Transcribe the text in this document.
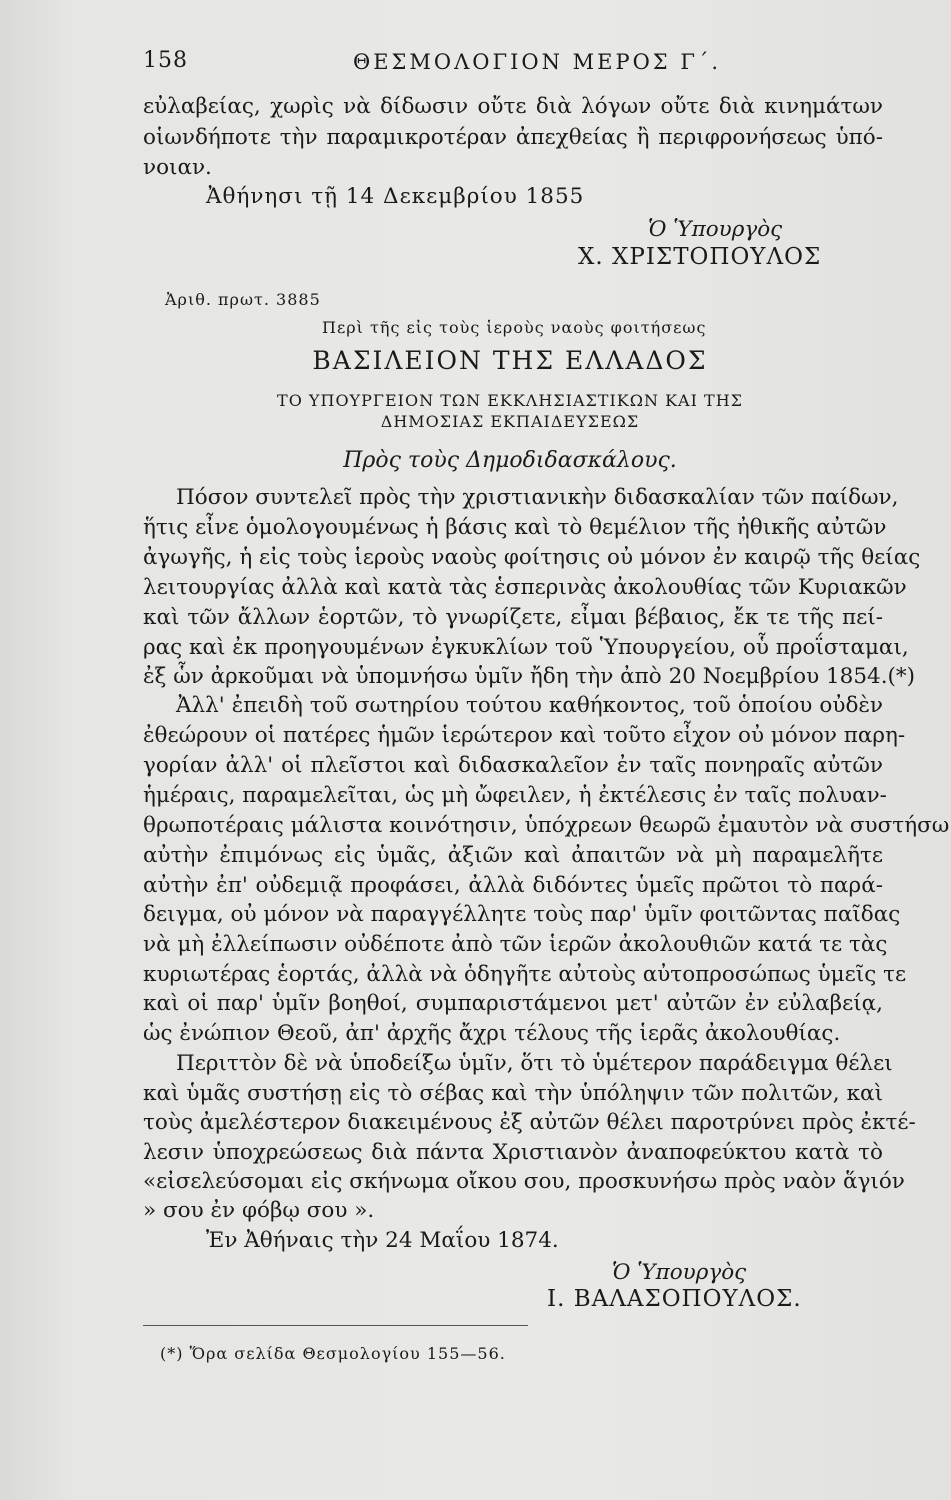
158	ΘΕΣΜΟΛΟΓΙΟΝ ΜΕΡΟΣ Γ΄.
εὐλαβείας, χωρὶς νὰ δίδωσιν οὔτε διὰ λόγων οὔτε διὰ κινημάτων
οἱωνδήποτε τὴν παραμικροτέραν ἀπεχθείας ἢ περιφρονήσεως ὑπό-
νοιαν.
Ἀθήνησι τῇ 14 Δεκεμβρίου 1855
Ὁ Ὑπουργὸς
Χ. ΧΡΙΣΤΟΠΟΥΛΟΣ
Ἀριθ. πρωτ. 3885
Περὶ τῆς εἰς τοὺς ἱεροὺς ναοὺς φοιτήσεως
ΒΑΣΙΛΕΙΟΝ ΤΗΣ ΕΛΛΑΔΟΣ
ΤΟ ΥΠΟΥΡΓΕΙΟΝ ΤΩΝ ΕΚΚΛΗΣΙΑΣΤΙΚΩΝ ΚΑΙ ΤΗΣ
ΔΗΜΟΣΙΑΣ ΕΚΠΑΙΔΕΥΣΕΩΣ
Πρὸς τοὺς Δημοδιδασκάλους.
Πόσον συντελεῖ πρὸς τὴν χριστιανικὴν διδασκαλίαν τῶν παίδων,
ἥτις εἶνε ὁμολογουμένως ἡ βάσις καὶ τὸ θεμέλιον τῆς ἠθικῆς αὐτῶν
ἀγωγῆς, ἡ εἰς τοὺς ἱεροὺς ναοὺς φοίτησις οὐ μόνον ἐν καιρῷ τῆς θείας
λειτουργίας ἀλλὰ καὶ κατὰ τὰς ἑσπερινὰς ἀκολουθίας τῶν Κυριακῶν
καὶ τῶν ἄλλων ἑορτῶν, τὸ γνωρίζετε, εἶμαι βέβαιος, ἔκ τε τῆς πεί-
ρας καὶ ἐκ προηγουμένων ἐγκυκλίων τοῦ Ὑπουργείου, οὗ προΐσταμαι,
ἐξ ὧν ἀρκοῦμαι νὰ ὑπομνήσω ὑμῖν ἤδη τὴν ἀπὸ 20 Νοεμβρίου 1854.(*)
Ἀλλ' ἐπειδὴ τοῦ σωτηρίου τούτου καθήκοντος, τοῦ ὁποίου οὐδὲν
ἐθεώρουν οἱ πατέρες ἡμῶν ἱερώτερον καὶ τοῦτο εἶχον οὐ μόνον παρη-
γορίαν ἀλλ' οἱ πλεῖστοι καὶ διδασκαλεῖον ἐν ταῖς πονηραῖς αὐτῶν
ἡμέραις, παραμελεῖται, ὡς μὴ ὤφειλεν, ἡ ἐκτέλεσις ἐν ταῖς πολυαν-
θρωποτέραις μάλιστα κοινότησιν, ὑπόχρεων θεωρῶ ἐμαυτὸν νὰ συστήσω
αὐτὴν ἐπιμόνως εἰς ὑμᾶς, ἀξιῶν καὶ ἀπαιτῶν νὰ μὴ παραμελῆτε
αὐτὴν ἐπ' οὐδεμιᾷ προφάσει, ἀλλὰ διδόντες ὑμεῖς πρῶτοι τὸ παρά-
δειγμα, οὐ μόνον νὰ παραγγέλλητε τοὺς παρ' ὑμῖν φοιτῶντας παῖδας
νὰ μὴ ἐλλείπωσιν οὐδέποτε ἀπὸ τῶν ἱερῶν ἀκολουθιῶν κατά τε τὰς
κυριωτέρας ἑορτάς, ἀλλὰ νὰ ὁδηγῆτε αὐτοὺς αὐτοπροσώπως ὑμεῖς τε
καὶ οἱ παρ' ὑμῖν βοηθοί, συμπαριστάμενοι μετ' αὐτῶν ἐν εὐλαβείᾳ,
ὡς ἐνώπιον Θεοῦ, ἀπ' ἀρχῆς ἄχρι τέλους τῆς ἱερᾶς ἀκολουθίας.
Περιττὸν δὲ νὰ ὑποδείξω ὑμῖν, ὅτι τὸ ὑμέτερον παράδειγμα θέλει
καὶ ὑμᾶς συστήσῃ εἰς τὸ σέβας καὶ τὴν ὑπόληψιν τῶν πολιτῶν, καὶ
τοὺς ἀμελέστερον διακειμένους ἐξ αὐτῶν θέλει παροτρύνει πρὸς ἐκτέ-
λεσιν ὑποχρεώσεως διὰ πάντα Χριστιανὸν ἀναποφεύκτου κατὰ τὸ
«εἰσελεύσομαι εἰς σκήνωμα οἴκου σου, προσκυνήσω πρὸς ναὸν ἅγιόν
» σου ἐν φόβῳ σου ».
Ἐν Ἀθήναις τὴν 24 Μαΐου 1874.
Ὁ Ὑπουργὸς
Ι. ΒΑΛΑΣΟΠΟΥΛΟΣ.
(*) Ὅρα σελίδα Θεσμολογίου 155—56.
